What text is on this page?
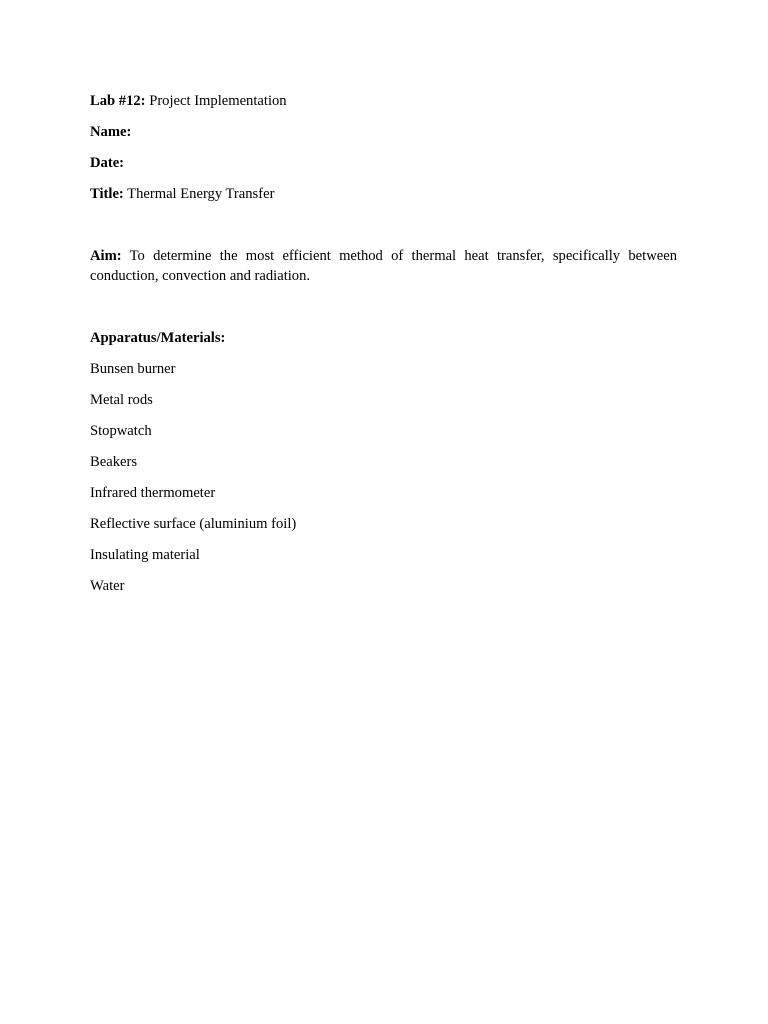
Lab #12: Project Implementation

Name:

Date:

Title: Thermal Energy Transfer

Aim: To determine the most efficient method of thermal heat transfer, specifically between conduction, convection and radiation.

Apparatus/Materials:

Bunsen burner

Metal rods

Stopwatch

Beakers

Infrared thermometer

Reflective surface (aluminium foil)

Insulating material

Water
